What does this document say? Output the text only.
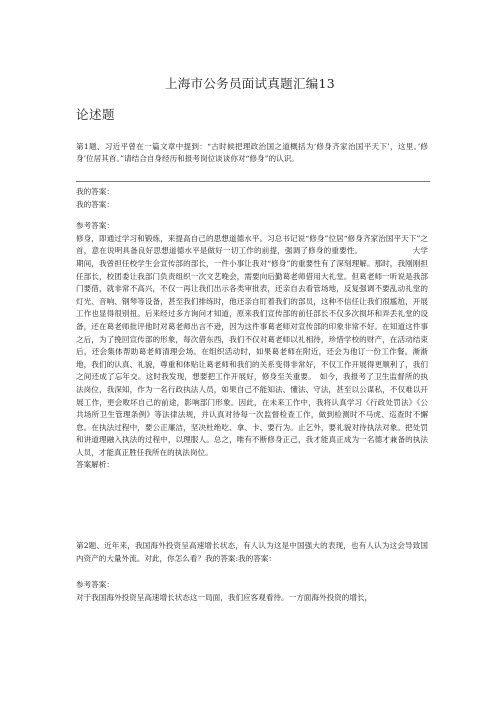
上海市公务员面试真题汇编13
论述题

第1题、习近平曾在一篇文章中提到：“古时候把理政治国之道概括为‘修身齐家治国平天下’，这里。’修身’位居其首。”请结合自身经历和报考岗位谈谈你对“修身”的认识。

我的答案：

我的答案：

参考答案：

修身，即通过学习和锻炼，来提高自己的思想道德水平。习总书记说“修身”位居“修身齐家治国平天下”之首，意在说明具备良好思想道德水平是做好一切工作的前提，强调了修身的重要性。　　　　　　　大学期间，我曾担任校学生会宣传部的部长，一件小事让我对“修身”的重要性有了深刻理解。那时，我刚刚担任部长，校团委让我部门负责组织一次文艺晚会，需要向后勤葛老师借用大礼堂。但葛老师一听说是我部门要借，就非常不高兴，不仅一再让我们出示各类审批表，还亲自去看管场地，反复强调不要乱动礼堂的灯光、音响、钢琴等设备，甚至我们排练时，他还亲自盯着我们的部员，这种不信任让我们很尴尬，开展工作也显得很别扭。后来经过多方询问才知道，原来我们宣传部的前任部长不仅多次损坏和弄丢礼堂的设备，还在葛老师批评他时对葛老师出言不逊，因为这件事葛老师对宣传部的印象非常不好。在知道这件事之后，为了挽回宣传部的形象，每次借东西，我们不仅对葛老师以礼相待，珍惜学校的财产，在活动结束后，还会集体帮助葛老师清理会场。在组织活动时，如果葛老师在附近，还会为他订一份工作餐。渐渐地，我们的认真、礼貌，尊重和体贴让葛老师和我们的关系变得非常好，不仅工作开展得更顺利了，我们之间还成了忘年交。这时我发现，想要把工作开展好，修身至关重要。　如今，我报考了卫生监督所的执法岗位，我深知，作为一名行政执法人员，如果自己不能知法、懂法、守法，甚至以公谋私，不仅难以开展工作，更会败坏自己的前途，影响部门形象。因此，在未来工作中，我将认真学习《行政处罚法》《公共场所卫生管理条例》等法律法规，并认真对待每一次监督检查工作，做到检测时不马虎、巡查时不懈怠。在执法过程中，要公正廉洁，坚决杜绝吃、拿、卡、要行为。止乞外，要礼貌对待执法对象。把处罚和讲道理融入执法的过程中，以理服人。总之，唯有不断修身正己，我才能真正成为一名德才兼备的执法人员，才能真正胜任我所在的执法岗位。

答案解析：

第2题、近年来，我国海外投资呈高速增长状态，有人认为这是中国强大的表现，也有人认为这会导致国内资产的大量外流。对此，你怎么看？我的答案:我的答案：

参考答案：

对于我国海外投资呈高速增长状态这一局面，我们应客观看待。一方面海外投资的增长，
